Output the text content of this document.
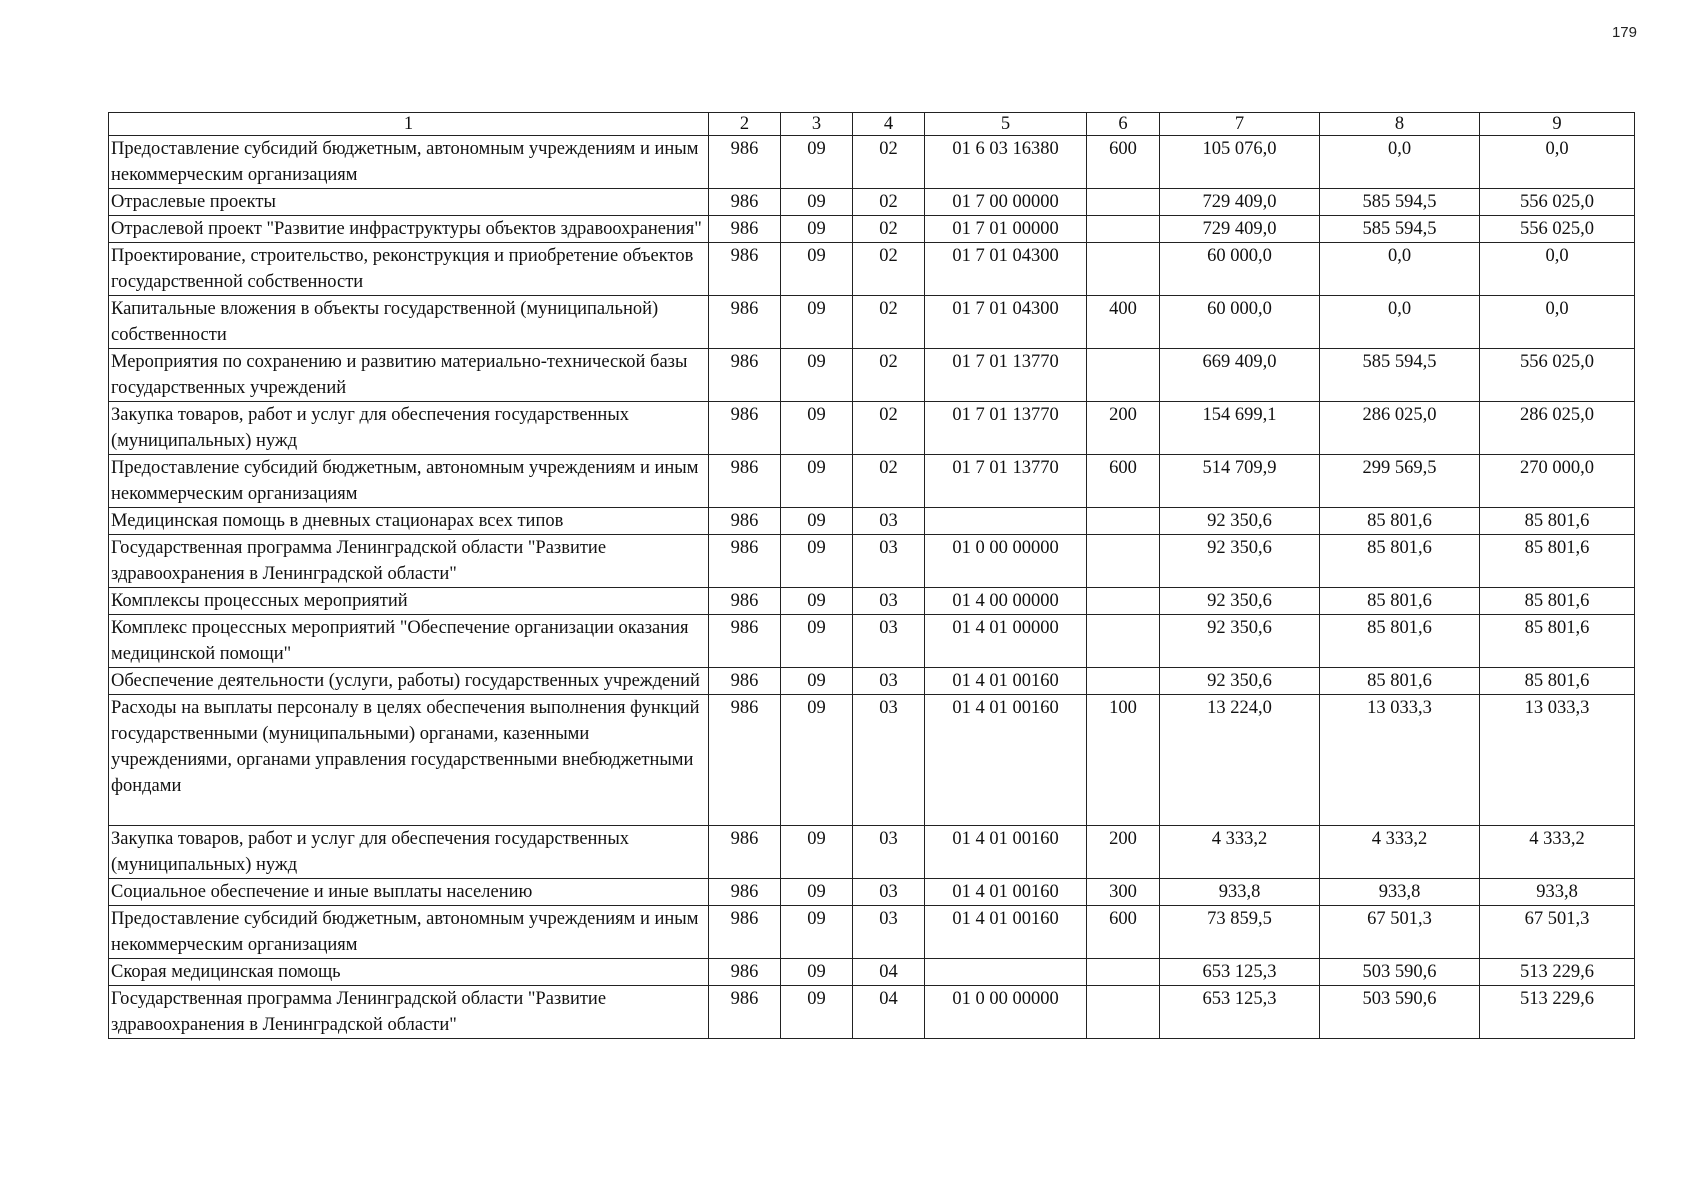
179
1	2	3	4	5	6	7	8	9
Предоставление субсидий бюджетным, автономным учреждениям и иным некоммерческим организациям	986	09	02	01 6 03 16380	600	105 076,0	0,0	0,0
Отраслевые проекты	986	09	02	01 7 00 00000		729 409,0	585 594,5	556 025,0
Отраслевой проект "Развитие инфраструктуры объектов здравоохранения"	986	09	02	01 7 01 00000		729 409,0	585 594,5	556 025,0
Проектирование, строительство, реконструкция и приобретение объектов государственной собственности	986	09	02	01 7 01 04300		60 000,0	0,0	0,0
Капитальные вложения в объекты государственной (муниципальной) собственности	986	09	02	01 7 01 04300	400	60 000,0	0,0	0,0
Мероприятия по сохранению и развитию материально-технической базы государственных учреждений	986	09	02	01 7 01 13770		669 409,0	585 594,5	556 025,0
Закупка товаров, работ и услуг для обеспечения государственных (муниципальных) нужд	986	09	02	01 7 01 13770	200	154 699,1	286 025,0	286 025,0
Предоставление субсидий бюджетным, автономным учреждениям и иным некоммерческим организациям	986	09	02	01 7 01 13770	600	514 709,9	299 569,5	270 000,0
Медицинская помощь в дневных стационарах всех типов	986	09	03			92 350,6	85 801,6	85 801,6
Государственная программа Ленинградской области "Развитие здравоохранения в Ленинградской области"	986	09	03	01 0 00 00000		92 350,6	85 801,6	85 801,6
Комплексы процессных мероприятий	986	09	03	01 4 00 00000		92 350,6	85 801,6	85 801,6
Комплекс процессных мероприятий "Обеспечение организации оказания медицинской помощи"	986	09	03	01 4 01 00000		92 350,6	85 801,6	85 801,6
Обеспечение деятельности (услуги, работы) государственных учреждений	986	09	03	01 4 01 00160		92 350,6	85 801,6	85 801,6
Расходы на выплаты персоналу в целях обеспечения выполнения функций государственными (муниципальными) органами, казенными учреждениями, органами управления государственными внебюджетными фондами	986	09	03	01 4 01 00160	100	13 224,0	13 033,3	13 033,3
Закупка товаров, работ и услуг для обеспечения государственных (муниципальных) нужд	986	09	03	01 4 01 00160	200	4 333,2	4 333,2	4 333,2
Социальное обеспечение и иные выплаты населению	986	09	03	01 4 01 00160	300	933,8	933,8	933,8
Предоставление субсидий бюджетным, автономным учреждениям и иным некоммерческим организациям	986	09	03	01 4 01 00160	600	73 859,5	67 501,3	67 501,3
Скорая медицинская помощь	986	09	04			653 125,3	503 590,6	513 229,6
Государственная программа Ленинградской области "Развитие здравоохранения в Ленинградской области"	986	09	04	01 0 00 00000		653 125,3	503 590,6	513 229,6
